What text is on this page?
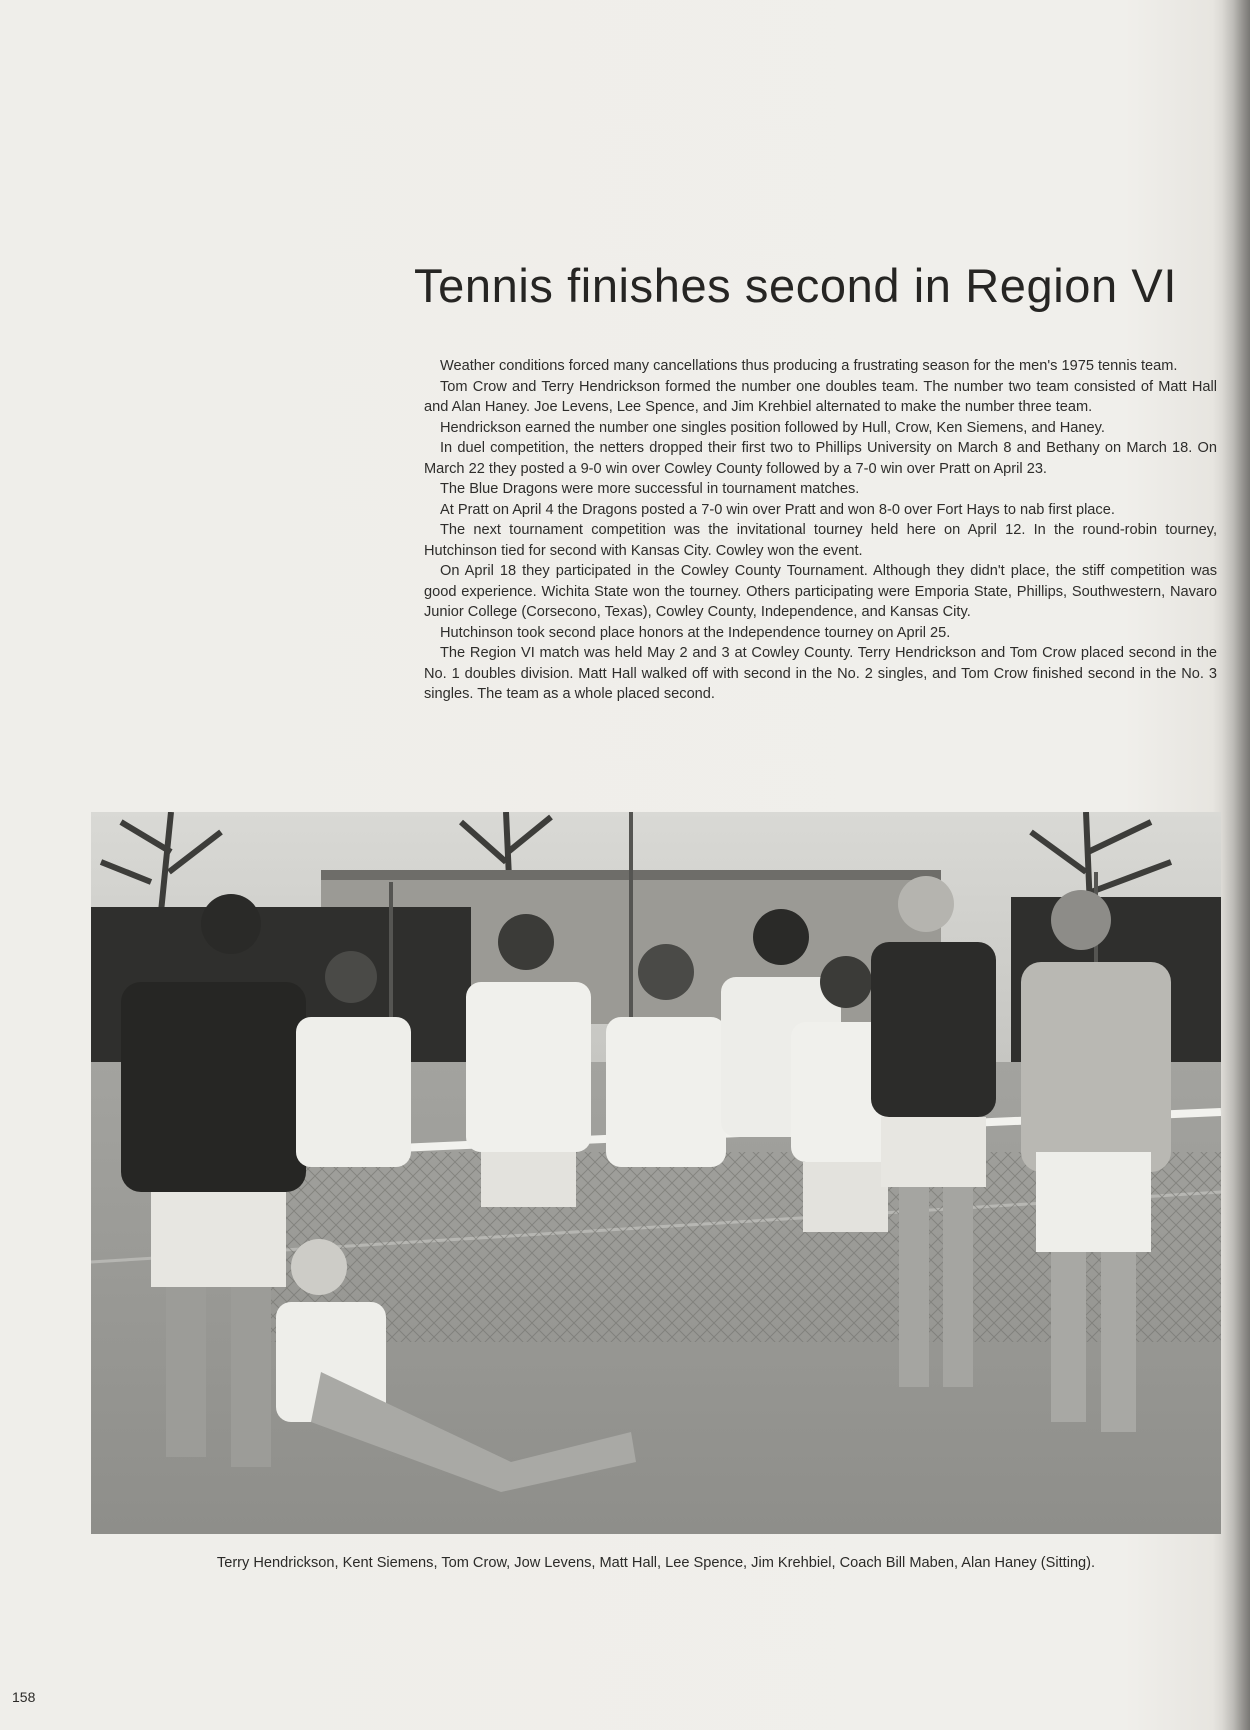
Tennis finishes second in Region VI

Weather conditions forced many cancellations thus producing a frustrating season for the men's 1975 tennis team.

Tom Crow and Terry Hendrickson formed the number one doubles team. The number two team consisted of Matt Hall and Alan Haney. Joe Levens, Lee Spence, and Jim Krehbiel alternated to make the number three team.

Hendrickson earned the number one singles position followed by Hull, Crow, Ken Siemens, and Haney.

In duel competition, the netters dropped their first two to Phillips University on March 8 and Bethany on March 18. On March 22 they posted a 9-0 win over Cowley County followed by a 7-0 win over Pratt on April 23.

The Blue Dragons were more successful in tournament matches.

At Pratt on April 4 the Dragons posted a 7-0 win over Pratt and won 8-0 over Fort Hays to nab first place.

The next tournament competition was the invitational tourney held here on April 12. In the round-robin tourney, Hutchinson tied for second with Kansas City. Cowley won the event.

On April 18 they participated in the Cowley County Tournament. Although they didn't place, the stiff competition was good experience. Wichita State won the tourney. Others participating were Emporia State, Phillips, Southwestern, Navaro Junior College (Corsecono, Texas), Cowley County, Independence, and Kansas City.

Hutchinson took second place honors at the Independence tourney on April 25.

The Region VI match was held May 2 and 3 at Cowley County. Terry Hendrickson and Tom Crow placed second in the No. 1 doubles division. Matt Hall walked off with second in the No. 2 singles, and Tom Crow finished second in the No. 3 singles. The team as a whole placed second.

Terry Hendrickson, Kent Siemens, Tom Crow, Jow Levens, Matt Hall, Lee Spence, Jim Krehbiel, Coach Bill Maben, Alan Haney (Sitting).
158
